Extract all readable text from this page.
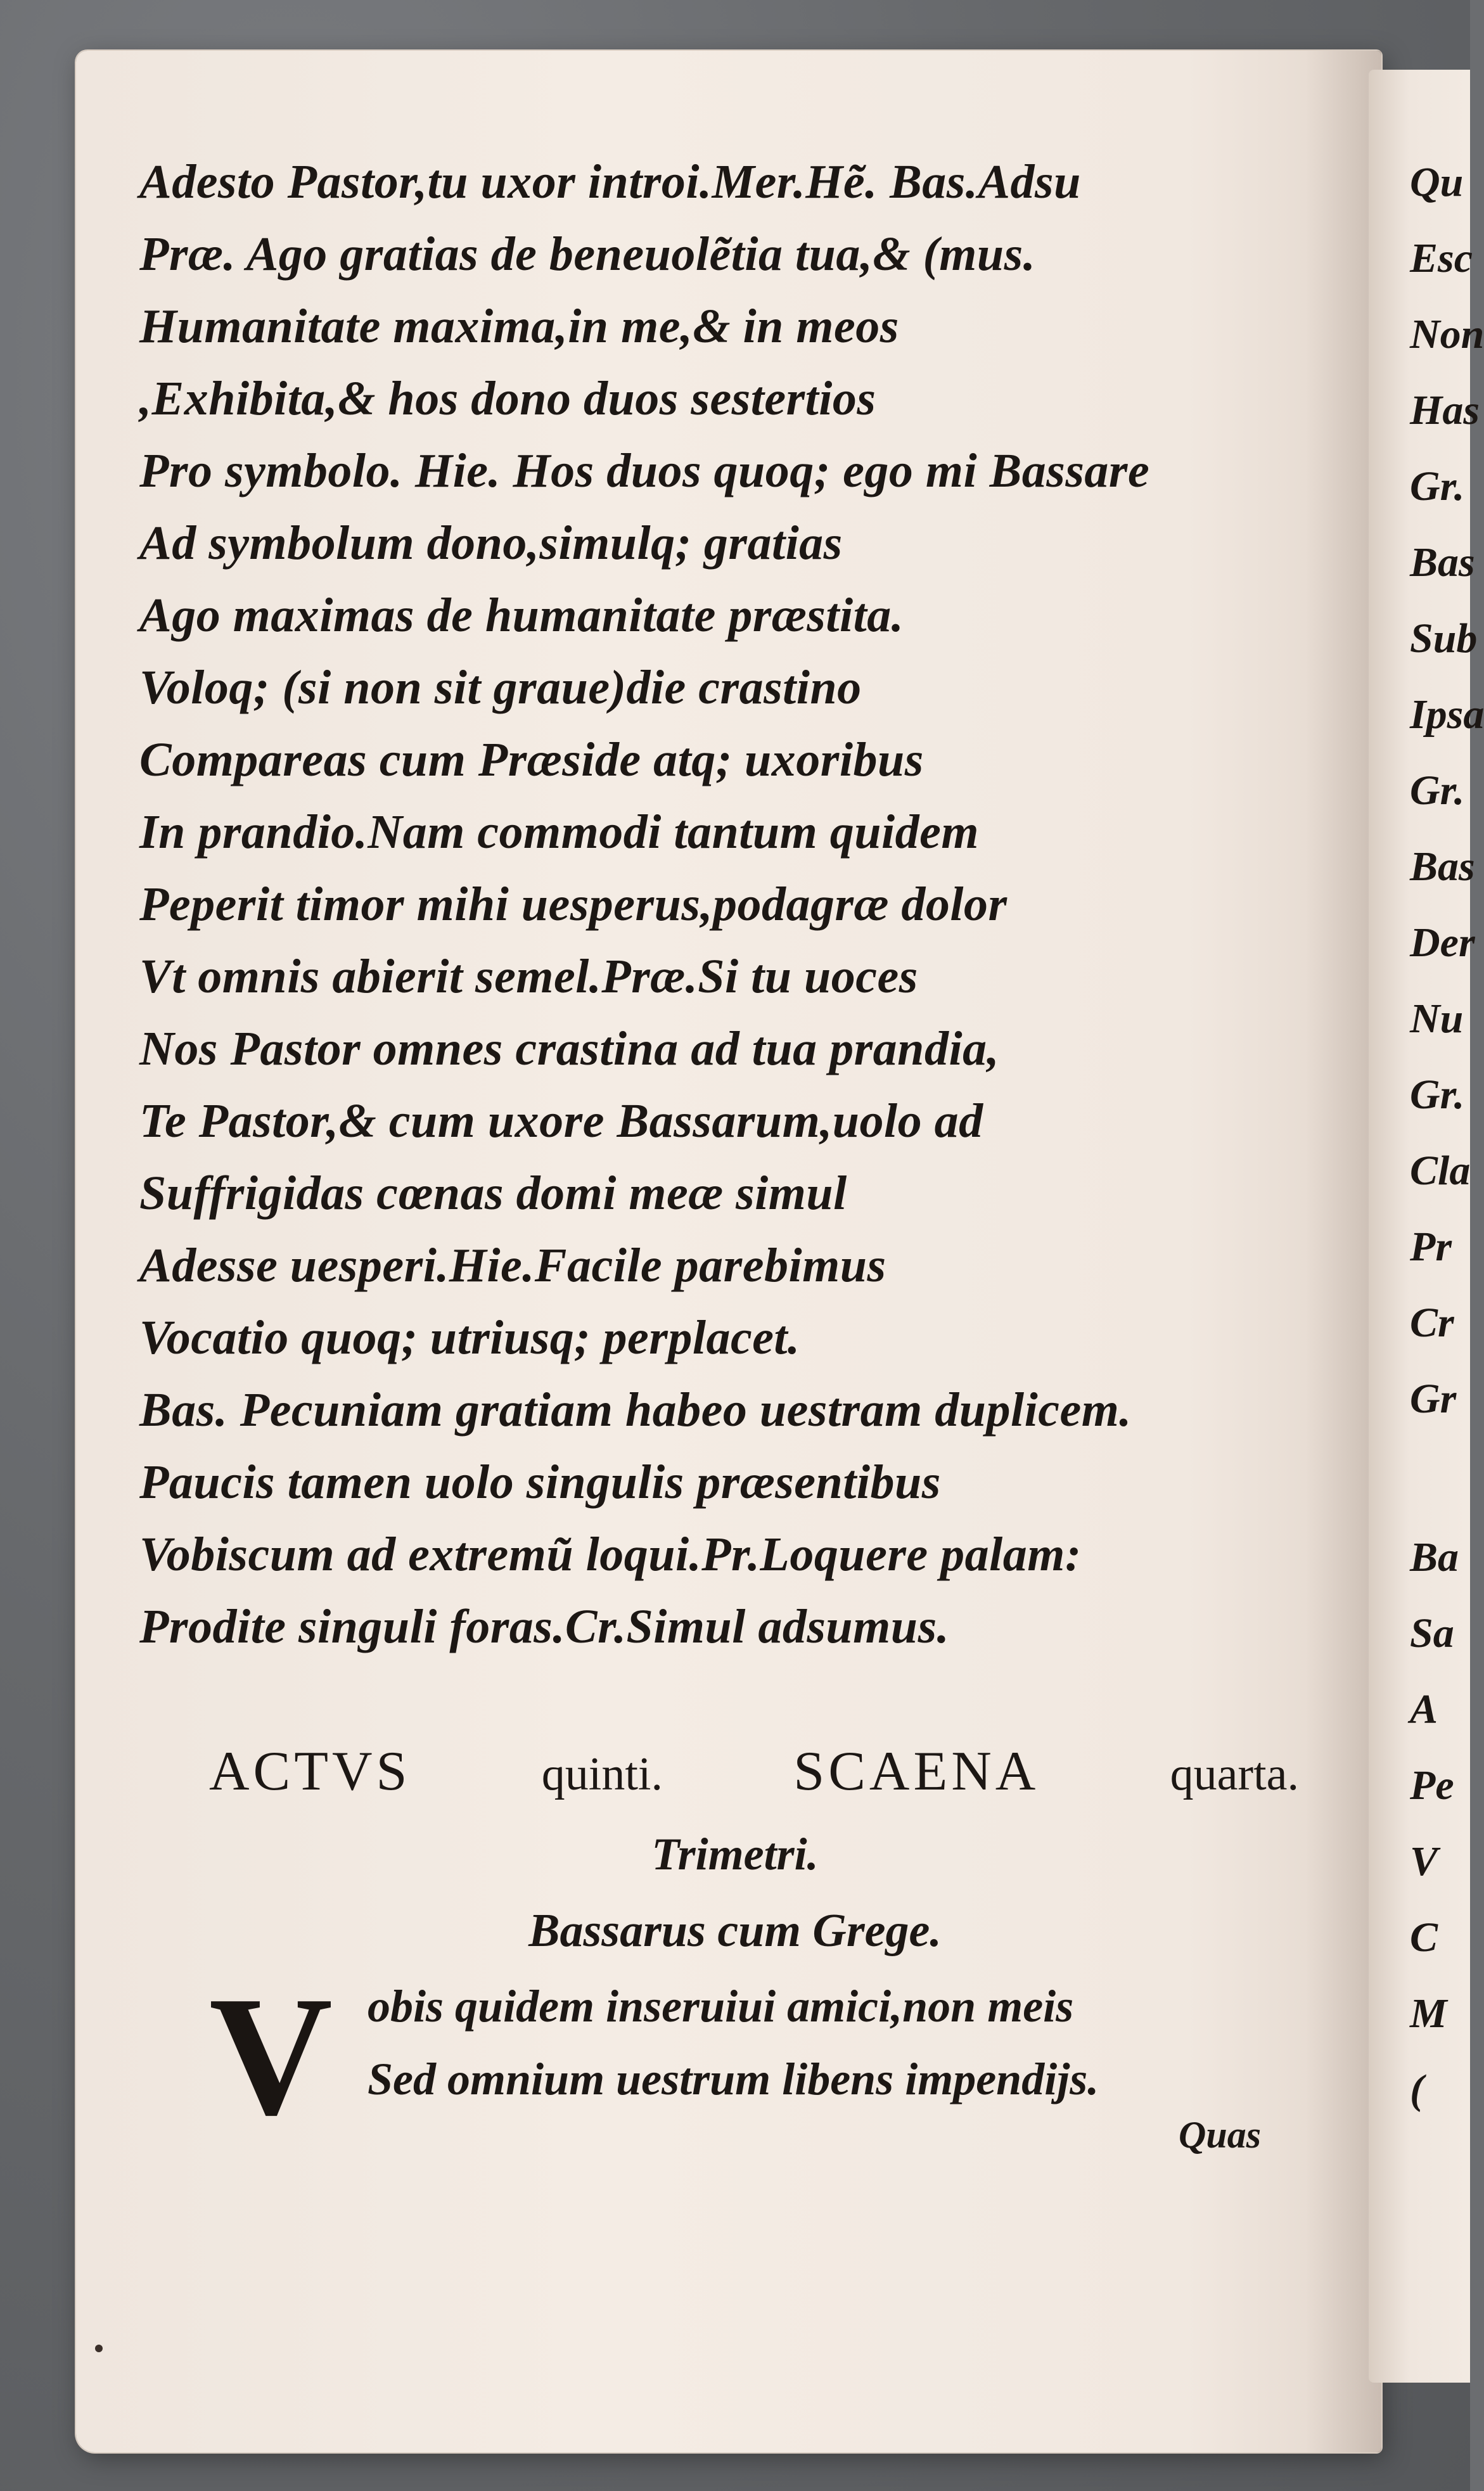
Adesto Pastor,tu uxor introi.Mer.Hẽ. Bas.Adsu
Præ. Ago gratias de beneuolẽtia tua,& (mus.
Humanitate maxima,in me,& in meos
,Exhibita,& hos dono duos sestertios
Pro symbolo. Hie. Hos duos quoq; ego mi Bassare
Ad symbolum dono,simulq; gratias
Ago maximas de humanitate præstita.
Voloq; (si non sit graue)die crastino
Compareas cum Præside atq; uxoribus
In prandio.Nam commodi tantum quidem
Peperit timor mihi uesperus,podagræ dolor
Vt omnis abierit semel.Præ.Si tu uoces
Nos Pastor omnes crastina ad tua prandia,
Te Pastor,& cum uxore Bassarum,uolo ad
Suffrigidas cœnas domi meæ simul
Adesse uesperi.Hie.Facile parebimus
Vocatio quoq; utriusq; perplacet.
Bas. Pecuniam gratiam habeo uestram duplicem.
Paucis tamen uolo singulis præsentibus
Vobiscum ad extremũ loqui.Pr.Loquere palam:
Prodite singuli foras.Cr.Simul adsumus.
ACTVS	quinti. SCAENA	quarta.
Trimetri.
Bassarus cum Grege.
V obis quidem inseruiui amici,non meis
Sed omnium uestrum libens impendijs.
Quas
Qu
Esc
Non
Has
Gr.
Bas
Sub
Ipsa
Gr.
Bas
Der
Nu
Gr.
Cla
Pr
Cr
Gr
Ba
Sa
A
Pe
V
C
M
(
